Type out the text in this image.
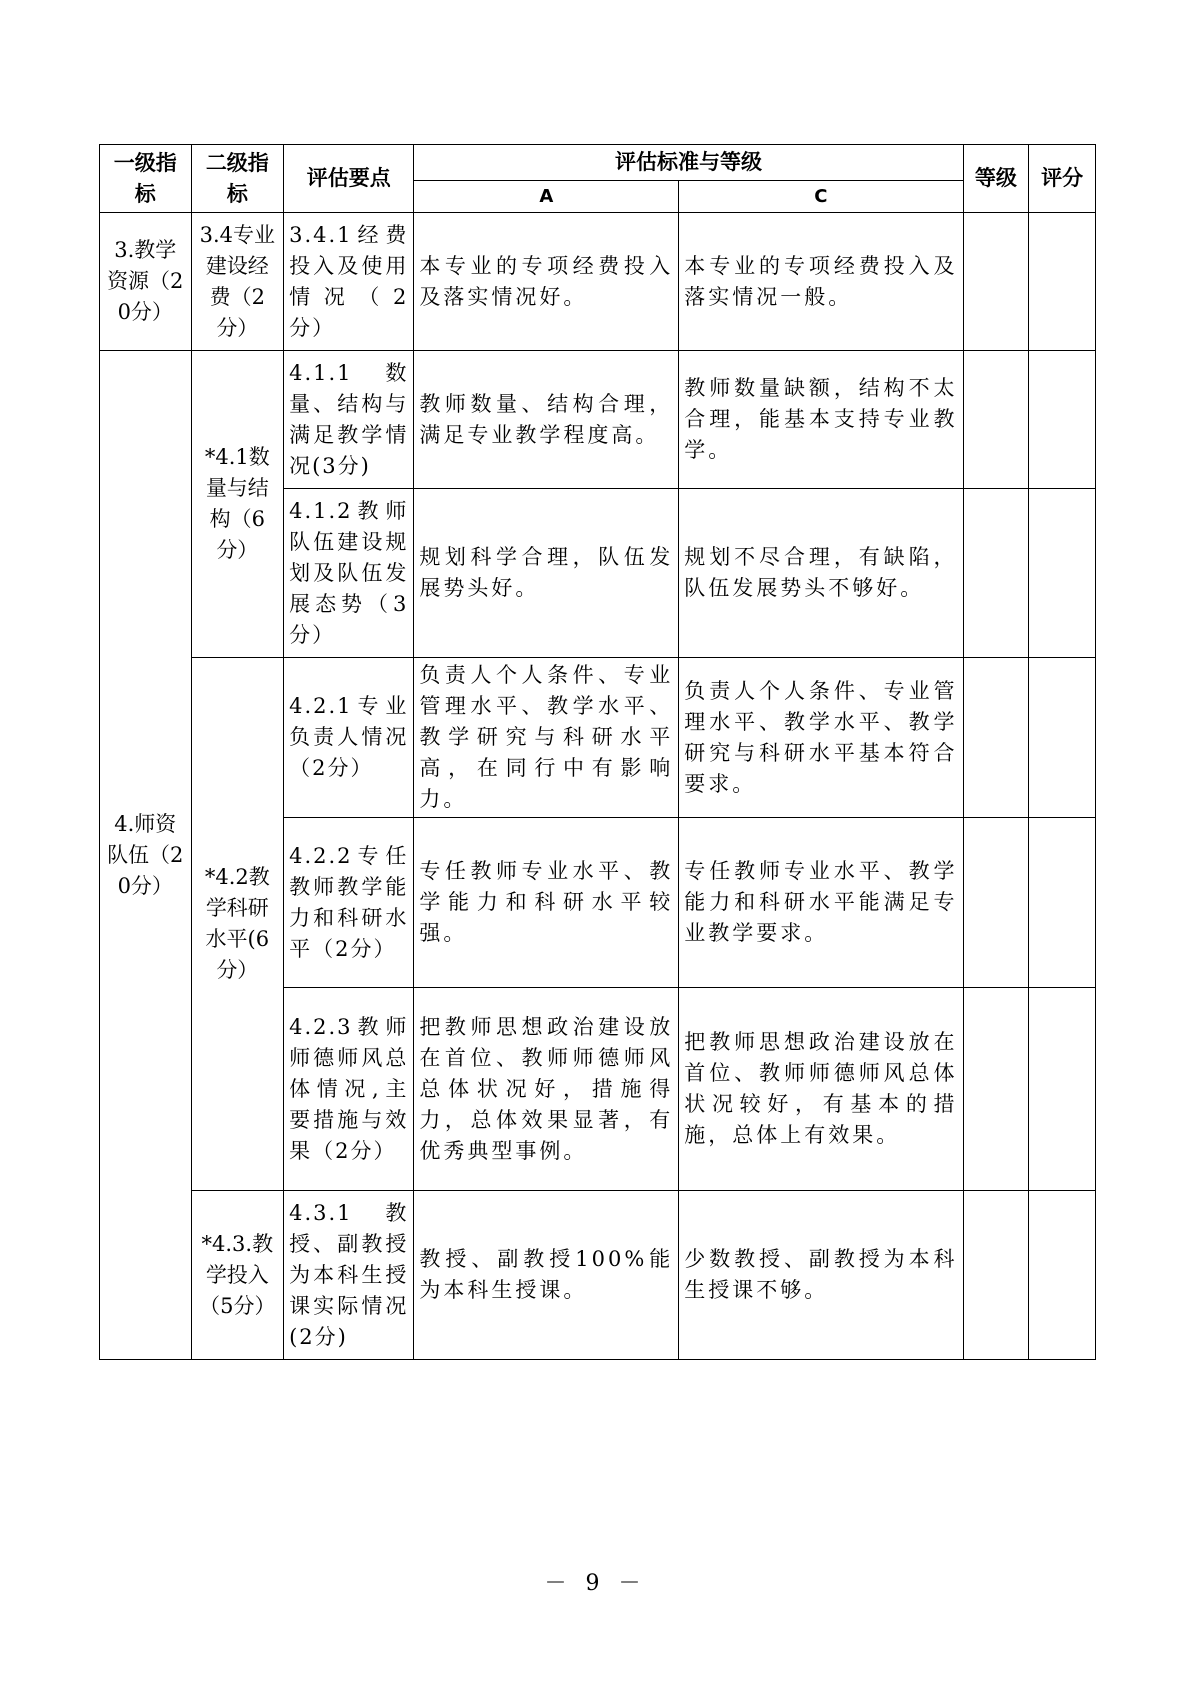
一级指标	二级指标	评估要点	评估标准与等级		等级	评分
			A	C		
3.教学资源（20分）	3.4专业建设经费（2分）	3.4.1经费投入及使用情况（2分）	本专业的专项经费投入及落实情况好。	本专业的专项经费投入及落实情况一般。		
4.师资队伍（20分）	*4.1数量与结构（6分）	4.1.1数量、结构与满足教学情况(3分)	教师数量、结构合理，满足专业教学程度高。	教师数量缺额，结构不太合理，能基本支持专业教学。		
		4.1.2教师队伍建设规划及队伍发展态势（3分）	规划科学合理，队伍发展势头好。	规划不尽合理，有缺陷，队伍发展势头不够好。		
	*4.2教学科研水平(6分）	4.2.1专业负责人情况（2分）	负责人个人条件、专业管理水平、教学水平、教学研究与科研水平高，在同行中有影响力。	负责人个人条件、专业管理水平、教学水平、教学研究与科研水平基本符合要求。		
		4.2.2专任教师教学能力和科研水平（2分）	专任教师专业水平、教学能力和科研水平较强。	专任教师专业水平、教学能力和科研水平能满足专业教学要求。		
		4.2.3教师师德师风总体情况,主要措施与效果（2分）	把教师思想政治建设放在首位、教师师德师风总体状况好，措施得力，总体效果显著，有优秀典型事例。	把教师思想政治建设放在首位、教师师德师风总体状况较好，有基本的措施，总体上有效果。		
	*4.3.教学投入（5分）	4.3.1教授、副教授为本科生授课实际情况(2分)	教授、副教授100%能为本科生授课。	少数教授、副教授为本科生授课不够。		
－ 9 －
